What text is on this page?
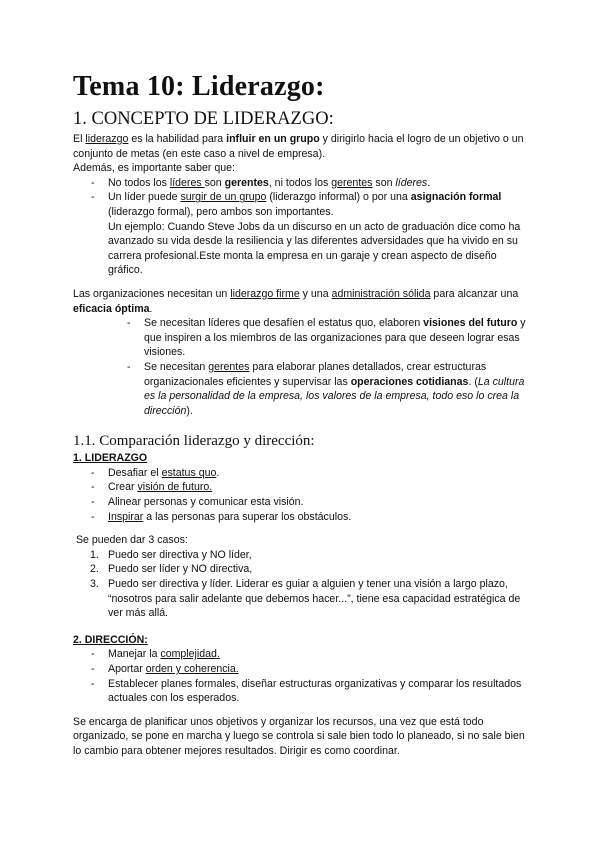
Tema 10: Liderazgo:
1. CONCEPTO DE LIDERAZGO:

El liderazgo es la habilidad para influir en un grupo y dirigirlo hacia el logro de un objetivo o un conjunto de metas (en este caso a nivel de empresa).

Además, es importante saber que:

- No todos los líderes son gerentes, ni todos los gerentes son líderes.
- Un líder puede surgir de un grupo (liderazgo informal) o por una asignación formal (liderazgo formal), pero ambos son importantes.
Un ejemplo: Cuando Steve Jobs da un discurso en un acto de graduación dice como ha avanzado su vida desde la resiliencia y las diferentes adversidades que ha vivido en su carrera profesional.Este monta la empresa en un garaje y crean aspecto de diseño gráfico.

Las organizaciones necesitan un liderazgo firme y una administración sólida para alcanzar una eficacia óptima.

- Se necesitan líderes que desafíen el estatus quo, elaboren visiones del futuro y que inspiren a los miembros de las organizaciones para que deseen lograr esas visiones.
- Se necesitan gerentes para elaborar planes detallados, crear estructuras organizacionales eficientes y supervisar las operaciones cotidianas. (La cultura es la personalidad de la empresa, los valores de la empresa, todo eso lo crea la dirección).
1.1. Comparación liderazgo y dirección:

1. LIDERAZGO

- Desafiar el estatus quo.
- Crear visión de futuro.
- Alinear personas y comunicar esta visión.
- Inspirar a las personas para superar los obstáculos.

Se pueden dar 3 casos:

1. Puedo ser directiva y NO líder,
2. Puedo ser líder y NO directiva,
3. Puedo ser directiva y líder. Liderar es guiar a alguien y tener una visión a largo plazo, “nosotros para salir adelante que debemos hacer...”, tiene esa capacidad estratégica de ver más allá.

2. DIRECCIÓN:

- Manejar la complejidad.
- Aportar orden y coherencia.
- Establecer planes formales, diseñar estructuras organizativas y comparar los resultados actuales con los esperados.

Se encarga de planificar unos objetivos y organizar los recursos, una vez que está todo organizado, se pone en marcha y luego se controla si sale bien todo lo planeado, si no sale bien lo cambio para obtener mejores resultados. Dirigir es como coordinar.
